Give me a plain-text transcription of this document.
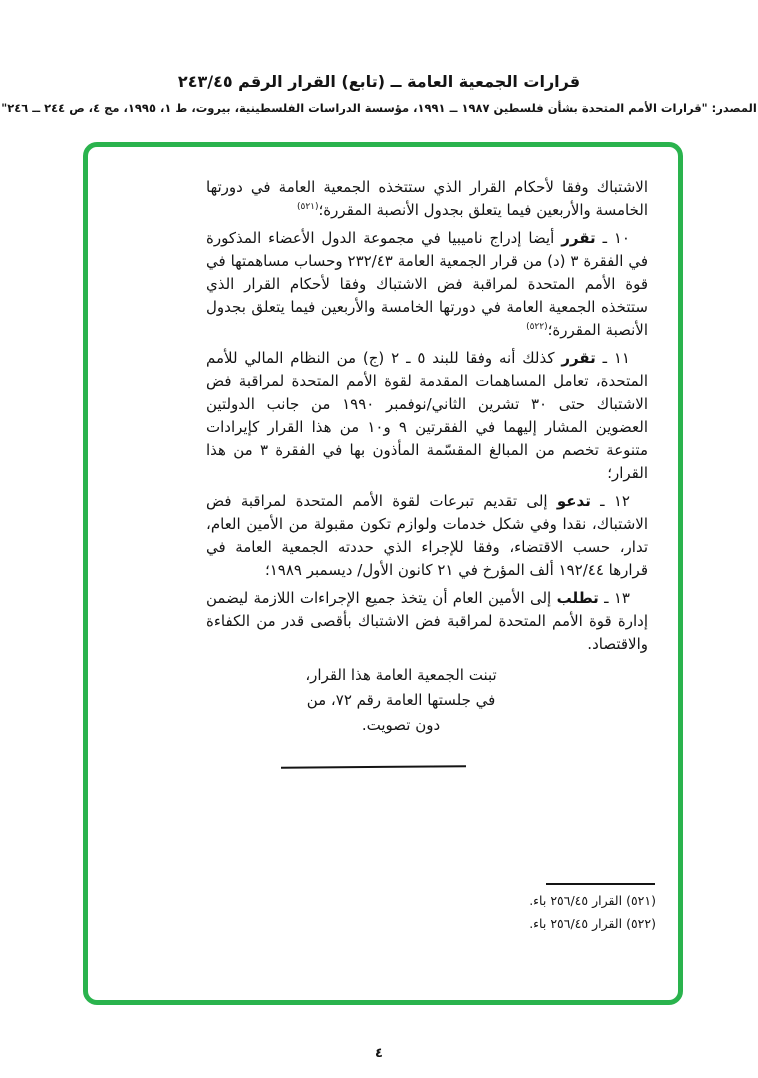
قرارات الجمعية العامة ــ (تابع) القرار الرقم ٢٤٣/٤٥
المصدر: "قرارات الأمم المتحدة بشأن فلسطين ١٩٨٧ ــ ١٩٩١، مؤسسة الدراسات الفلسطينية، بيروت، ط ١، ١٩٩٥، مج ٤، ص ٢٤٤ ــ ٢٤٦"

الاشتباك وفقا لأحكام القرار الذي ستتخذه الجمعية العامة في دورتها الخامسة والأربعين فيما يتعلق بجدول الأنصبة المقررة؛$^{(٥٢١)}$

١٠ ـ تقرر أيضا إدراج ناميبيا في مجموعة الدول الأعضاء المذكورة في الفقرة ٣ (د) من قرار الجمعية العامة ٢٣٢/٤٣ وحساب مساهمتها في قوة الأمم المتحدة لمراقبة فض الاشتباك وفقا لأحكام القرار الذي ستتخذه الجمعية العامة في دورتها الخامسة والأربعين فيما يتعلق بجدول الأنصبة المقررة؛$^{(٥٢٢)}$

١١ ـ تقرر كذلك أنه وفقا للبند ٥ ـ ٢ (ج) من النظام المالي للأمم المتحدة، تعامل المساهمات المقدمة لقوة الأمم المتحدة لمراقبة فض الاشتباك حتى ٣٠ تشرين الثاني/نوفمبر ١٩٩٠ من جانب الدولتين العضوين المشار إليهما في الفقرتين ٩ و١٠ من هذا القرار كإيرادات متنوعة تخصم من المبالغ المقسّمة المأذون بها في الفقرة ٣ من هذا القرار؛

١٢ ـ تدعو إلى تقديم تبرعات لقوة الأمم المتحدة لمراقبة فض الاشتباك، نقدا وفي شكل خدمات ولوازم تكون مقبولة من الأمين العام، تدار، حسب الاقتضاء، وفقا للإجراء الذي حددته الجمعية العامة في قرارها ١٩٢/٤٤ ألف المؤرخ في ٢١ كانون الأول/ ديسمبر ١٩٨٩؛

١٣ ـ تطلب إلى الأمين العام أن يتخذ جميع الإجراءات اللازمة ليضمن إدارة قوة الأمم المتحدة لمراقبة فض الاشتباك بأقصى قدر من الكفاءة والاقتصاد.

تبنت الجمعية العامة هذا القرار،
في جلستها العامة رقم ٧٢، من
دون تصويت.
(٥٢١) القرار ٢٥٦/٤٥ باء.
(٥٢٢) القرار ٢٥٦/٤٥ باء.
٤
